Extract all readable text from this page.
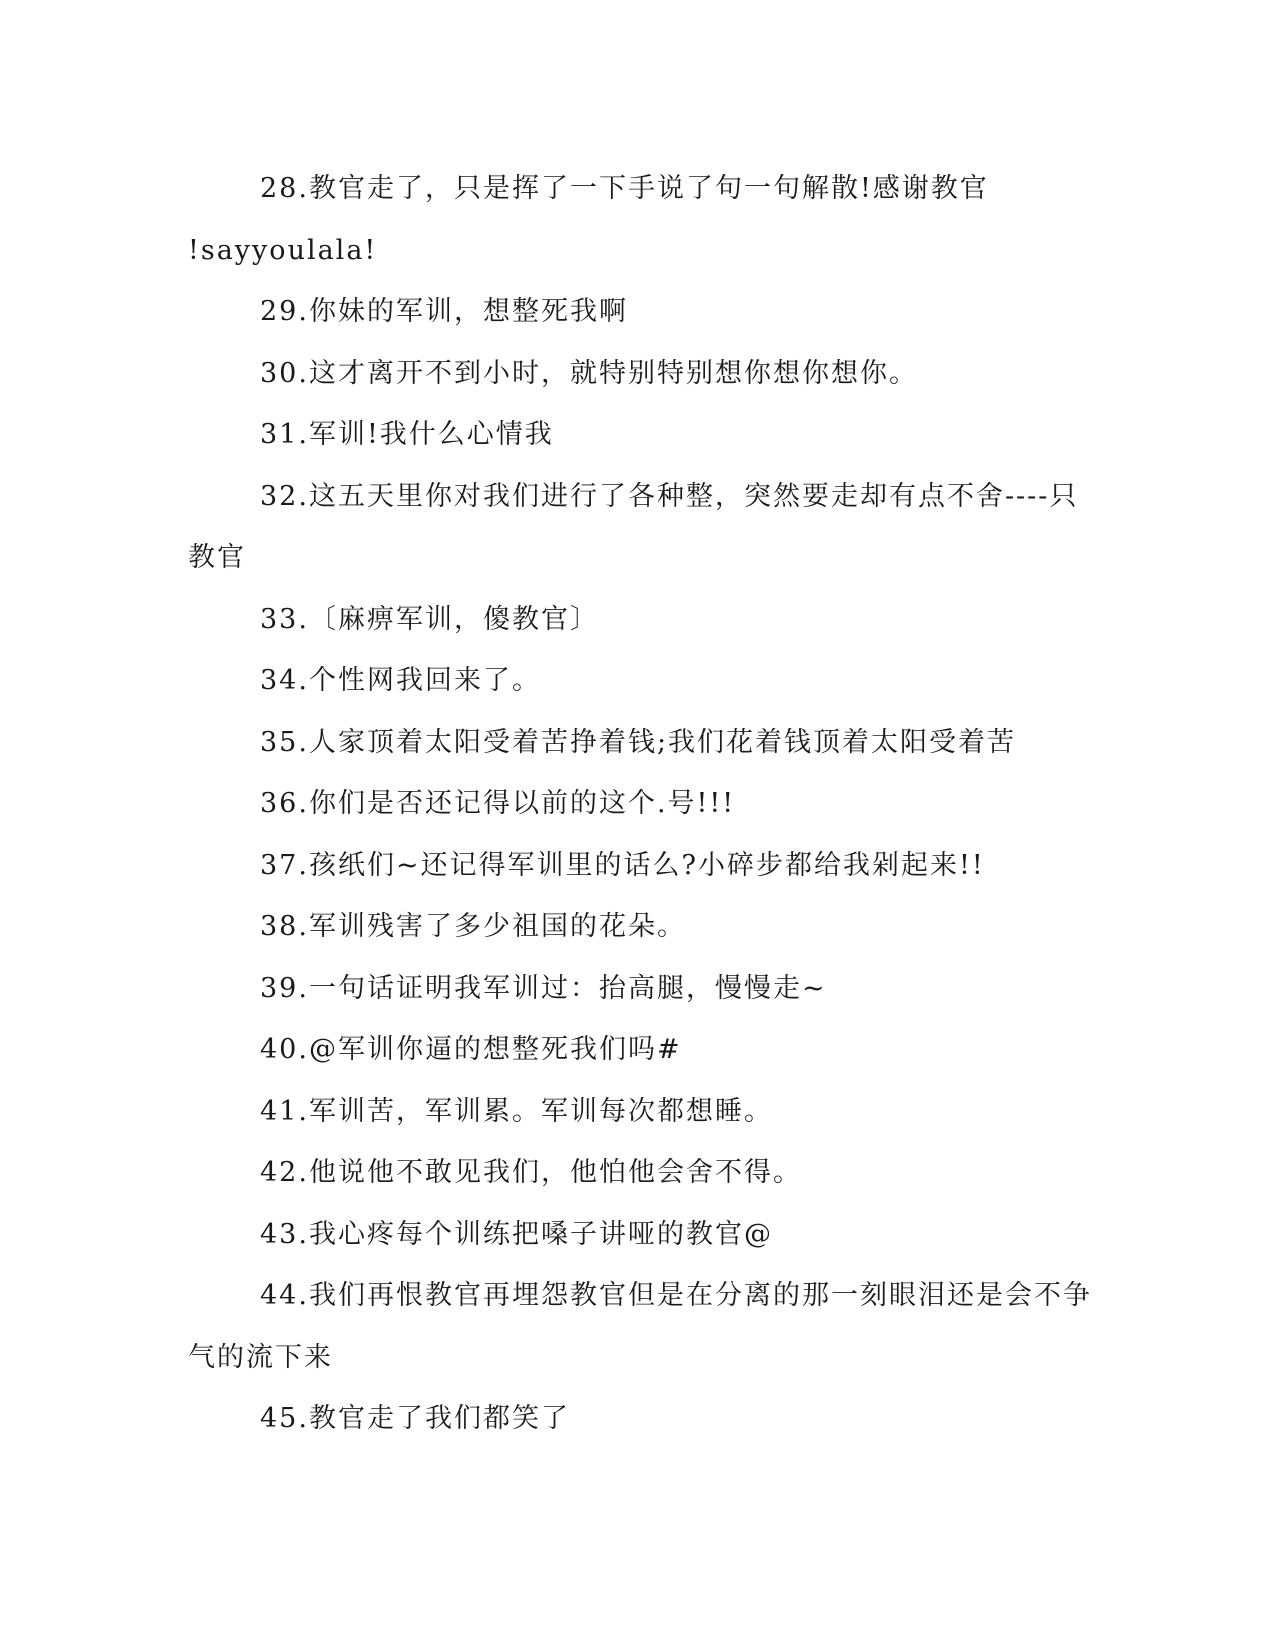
28.教官走了，只是挥了一下手说了句一句解散!感谢教官
!sayyoulala!
29.你妹的军训，想整死我啊
30.这才离开不到小时，就特别特别想你想你想你。
31.军训!我什么心情我
32.这五天里你对我们进行了各种整，突然要走却有点不舍----只
教官
33.〔麻痹军训，傻教官〕
34.个性网我回来了。
35.人家顶着太阳受着苦挣着钱;我们花着钱顶着太阳受着苦
36.你们是否还记得以前的这个.号!!!
37.孩纸们~还记得军训里的话么?小碎步都给我剁起来!!
38.军训残害了多少祖国的花朵。
39.一句话证明我军训过：抬高腿，慢慢走~
40.@军训你逼的想整死我们吗#
41.军训苦，军训累。军训每次都想睡。
42.他说他不敢见我们，他怕他会舍不得。
43.我心疼每个训练把嗓子讲哑的教官@
44.我们再恨教官再埋怨教官但是在分离的那一刻眼泪还是会不争
气的流下来
45.教官走了我们都笑了
